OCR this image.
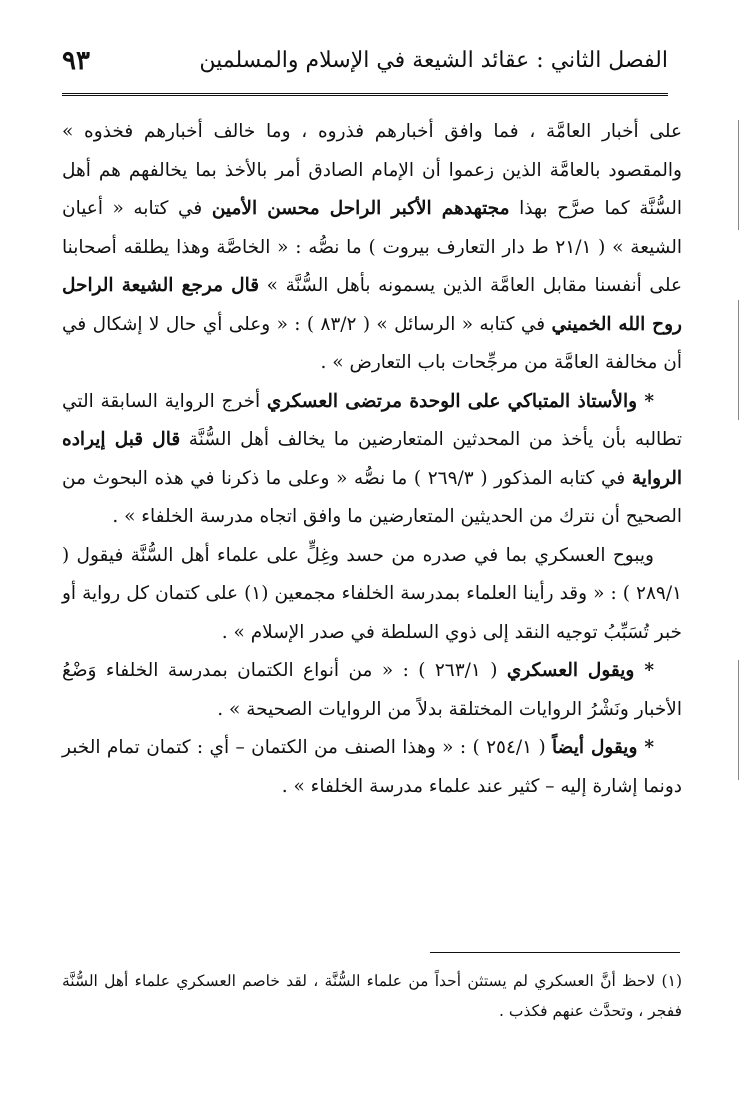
٩٣	الفصل الثاني : عقائد الشيعة في الإسلام والمسلمين

على أخبار العامَّة ، فما وافق أخبارهم فذروه ، وما خالف أخبارهم فخذوه » والمقصود بالعامَّة الذين زعموا أن الإمام الصادق أمر بالأخذ بما يخالفهم هم أهل السُّنَّة كما صرَّح بهذا مجتهدهم الأكبر الراحل محسن الأمين في كتابه « أعيان الشيعة » ( ٢١/١ ط دار التعارف بيروت ) ما نصُّه : « الخاصَّة وهذا يطلقه أصحابنا على أنفسنا مقابل العامَّة الذين يسمونه بأهل السُّنَّة » قال مرجع الشيعة الراحل روح الله الخميني في كتابه « الرسائل » ( ٨٣/٢ ) : « وعلى أي حال لا إشكال في أن مخالفة العامَّة من مرجِّحات باب التعارض » .

* والأستاذ المتباكي على الوحدة مرتضى العسكري أخرج الرواية السابقة التي تطالبه بأن يأخذ من المحدثين المتعارضين ما يخالف أهل السُّنَّة قال قبل إيراده الرواية في كتابه المذكور ( ٢٦٩/٣ ) ما نصُّه « وعلى ما ذكرنا في هذه البحوث من الصحيح أن نترك من الحديثين المتعارضين ما وافق اتجاه مدرسة الخلفاء » .

ويبوح العسكري بما في صدره من حسد وغِلٍّ على علماء أهل السُّنَّة فيقول ( ٢٨٩/١ ) : « وقد رأينا العلماء بمدرسة الخلفاء مجمعين (١) على كتمان كل رواية أو خبر تُسَبِّبُ توجيه النقد إلى ذوي السلطة في صدر الإسلام » .

* ويقول العسكري ( ٢٦٣/١ ) : « من أنواع الكتمان بمدرسة الخلفاء وَضْعُ الأخبار ونَشْرُ الروايات المختلقة بدلاً من الروايات الصحيحة » .

* ويقول أيضاً ( ٢٥٤/١ ) : « وهذا الصنف من الكتمان – أي : كتمان تمام الخبر دونما إشارة إليه – كثير عند علماء مدرسة الخلفاء » .

(١) لاحظ أنَّ العسكري لم يستثن أحداً من علماء السُّنَّة ، لقد خاصم العسكري علماء أهل السُّنَّة ففجر ، وتحدَّث عنهم فكذب .
